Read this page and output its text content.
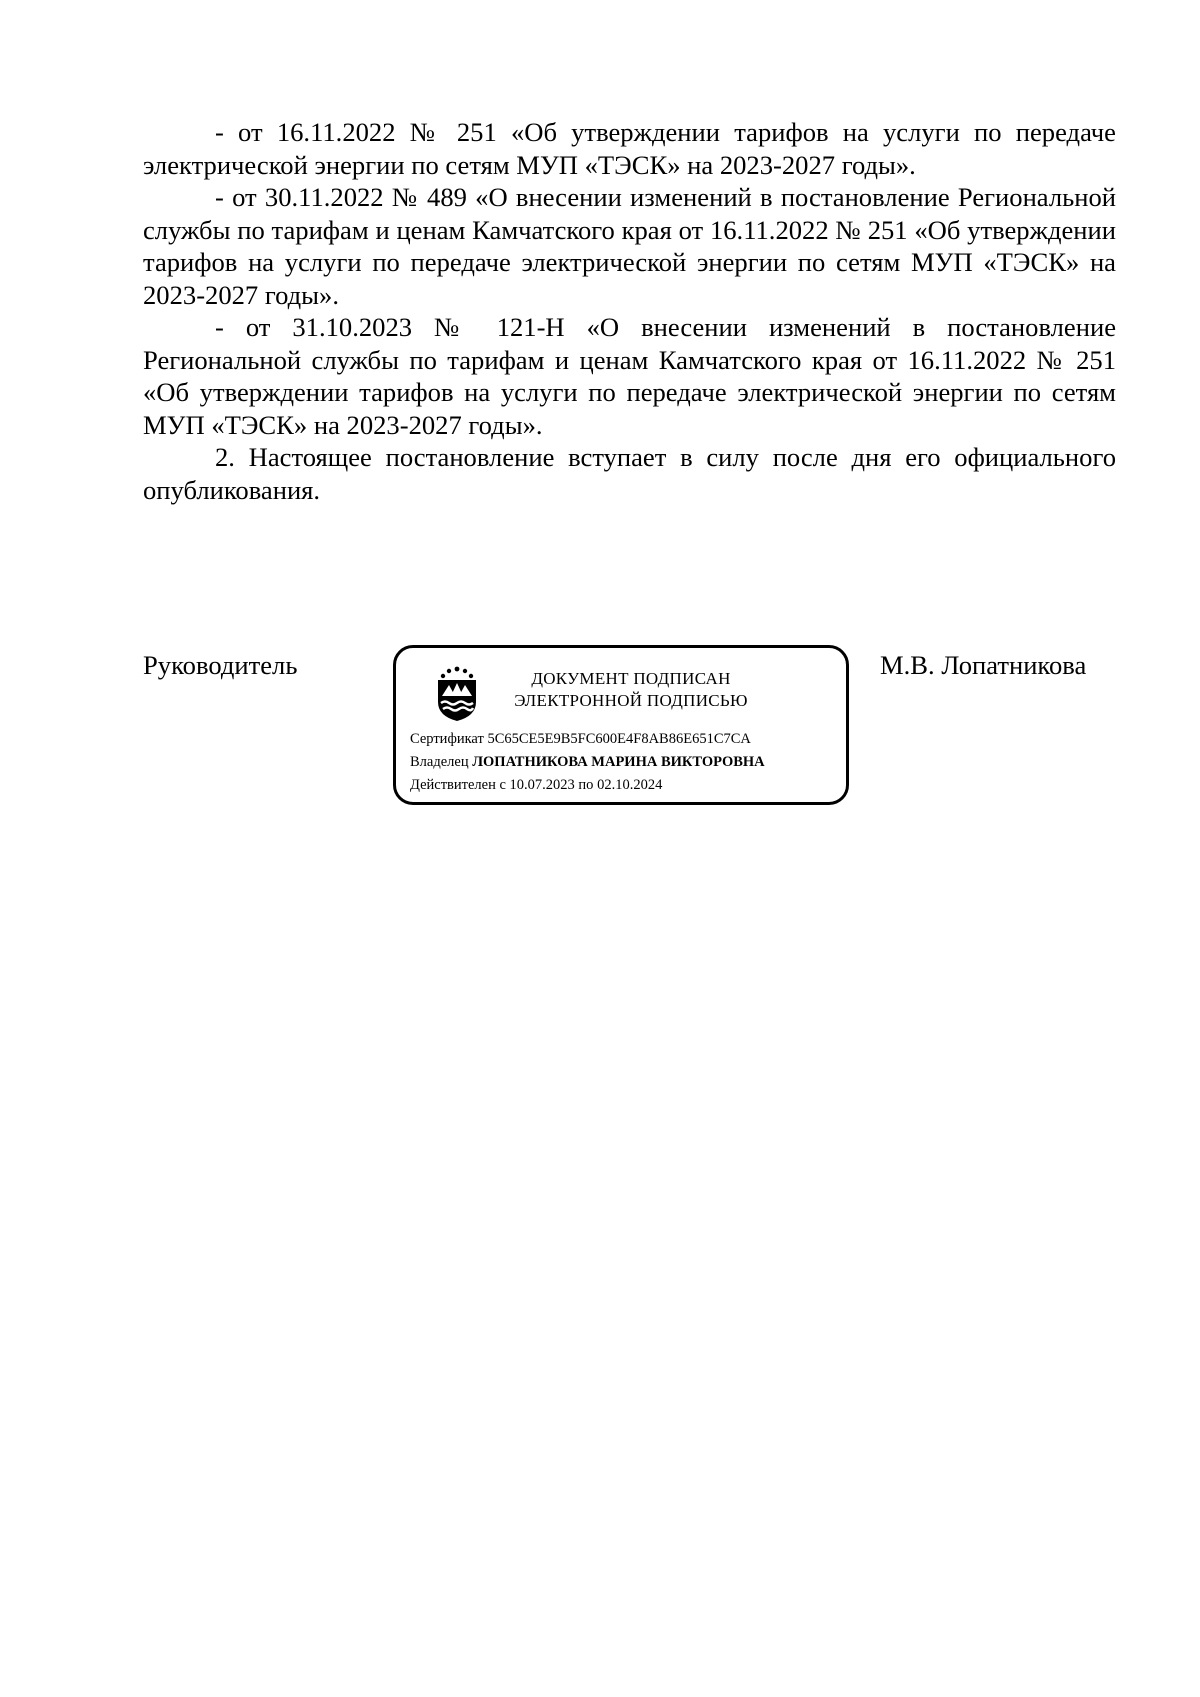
- от 16.11.2022 № 251 «Об утверждении тарифов на услуги по передаче электрической энергии по сетям МУП «ТЭСК» на 2023-2027 годы».

- от 30.11.2022 № 489 «О внесении изменений в постановление Региональной службы по тарифам и ценам Камчатского края от 16.11.2022 № 251 «Об утверждении тарифов на услуги по передаче электрической энергии по сетям МУП «ТЭСК» на 2023-2027 годы».

- от 31.10.2023 № 121-Н «О внесении изменений в постановление Региональной службы по тарифам и ценам Камчатского края от 16.11.2022 № 251 «Об утверждении тарифов на услуги по передаче электрической энергии по сетям МУП «ТЭСК» на 2023-2027 годы».

2. Настоящее постановление вступает в силу после дня его официального опубликования.

Руководитель	ДОКУМЕНТ ПОДПИСАН
ЭЛЕКТРОННОЙ ПОДПИСЬЮ
Сертификат 5C65CE5E9B5FC600E4F8AB86E651C7CA
Владелец ЛОПАТНИКОВА МАРИНА ВИКТОРОВНА
Действителен с 10.07.2023 по 02.10.2024
М.В. Лопатникова
